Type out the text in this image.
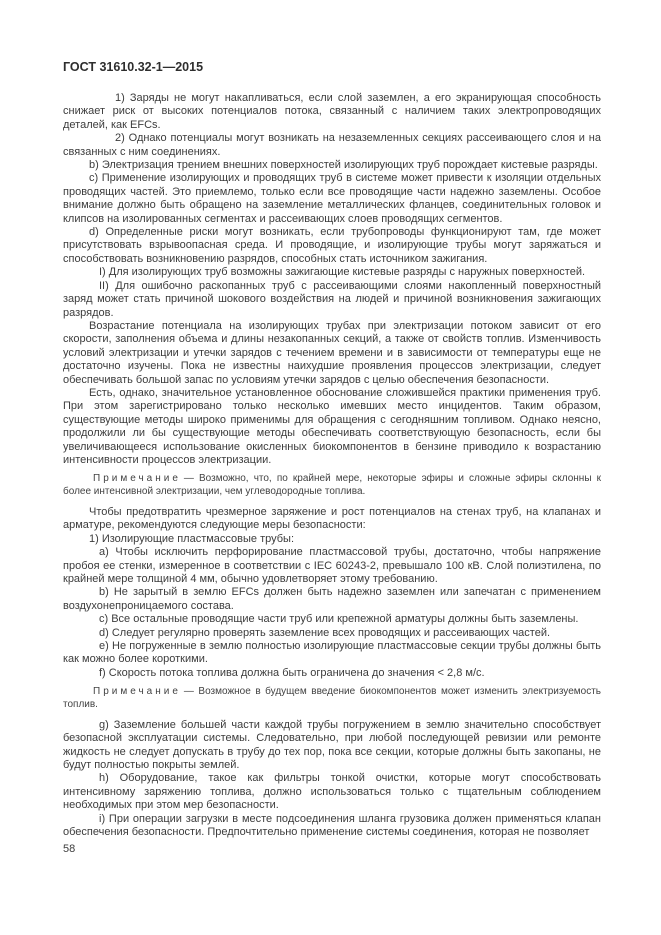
ГОСТ 31610.32-1—2015

1) Заряды не могут накапливаться, если слой заземлен, а его экранирующая способность снижает риск от высоких потенциалов потока, связанный с наличием таких электропроводящих деталей, как EFCs.

2) Однако потенциалы могут возникать на незаземленных секциях рассеивающего слоя и на связанных с ним соединениях.

b) Электризация трением внешних поверхностей изолирующих труб порождает кистевые разряды.

c) Применение изолирующих и проводящих труб в системе может привести к изоляции отдельных проводящих частей. Это приемлемо, только если все проводящие части надежно заземлены. Особое внимание должно быть обращено на заземление металлических фланцев, соединительных головок и клипсов на изолированных сегментах и рассеивающих слоев проводящих сегментов.

d) Определенные риски могут возникать, если трубопроводы функционируют там, где может присутствовать взрывоопасная среда. И проводящие, и изолирующие трубы могут заряжаться и способствовать возникновению разрядов, способных стать источником зажигания.

I) Для изолирующих труб возможны зажигающие кистевые разряды с наружных поверхностей.

II) Для ошибочно раскопанных труб с рассеивающими слоями накопленный поверхностный заряд может стать причиной шокового воздействия на людей и причиной возникновения зажигающих разрядов.

Возрастание потенциала на изолирующих трубах при электризации потоком зависит от его скорости, заполнения объема и длины незакопанных секций, а также от свойств топлив. Изменчивость условий электризации и утечки зарядов с течением времени и в зависимости от температуры еще не достаточно изучены. Пока не известны наихудшие проявления процессов электризации, следует обеспечивать большой запас по условиям утечки зарядов с целью обеспечения безопасности.

Есть, однако, значительное установленное обоснование сложившейся практики применения труб. При этом зарегистрировано только несколько имевших место инцидентов. Таким образом, существующие методы широко применимы для обращения с сегодняшним топливом. Однако неясно, продолжили ли бы существующие методы обеспечивать соответствующую безопасность, если бы увеличивающееся использование окисленных биокомпонентов в бензине приводило к возрастанию интенсивности процессов электризации.

Примечание — Возможно, что, по крайней мере, некоторые эфиры и сложные эфиры склонны к более интенсивной электризации, чем углеводородные топлива.

Чтобы предотвратить чрезмерное заряжение и рост потенциалов на стенах труб, на клапанах и арматуре, рекомендуются следующие меры безопасности:

1) Изолирующие пластмассовые трубы:

a) Чтобы исключить перфорирование пластмассовой трубы, достаточно, чтобы напряжение пробоя ее стенки, измеренное в соответствии с IEC 60243-2, превышало 100 кВ. Слой полиэтилена, по крайней мере толщиной 4 мм, обычно удовлетворяет этому требованию.

b) Не зарытый в землю EFCs должен быть надежно заземлен или запечатан с применением воздухонепроницаемого состава.

c) Все остальные проводящие части труб или крепежной арматуры должны быть заземлены.

d) Следует регулярно проверять заземление всех проводящих и рассеивающих частей.

e) Не погруженные в землю полностью изолирующие пластмассовые секции трубы должны быть как можно более короткими.

f) Скорость потока топлива должна быть ограничена до значения < 2,8 м/с.

Примечание — Возможное в будущем введение биокомпонентов может изменить электризуемость топлив.

g) Заземление большей части каждой трубы погружением в землю значительно способствует безопасной эксплуатации системы. Следовательно, при любой последующей ревизии или ремонте жидкость не следует допускать в трубу до тех пор, пока все секции, которые должны быть закопаны, не будут полностью покрыты землей.

h) Оборудование, такое как фильтры тонкой очистки, которые могут способствовать интенсивному заряжению топлива, должно использоваться только с тщательным соблюдением необходимых при этом мер безопасности.

i) При операции загрузки в месте подсоединения шланга грузовика должен применяться клапан обеспечения безопасности. Предпочтительно применение системы соединения, которая не позволяет

58
